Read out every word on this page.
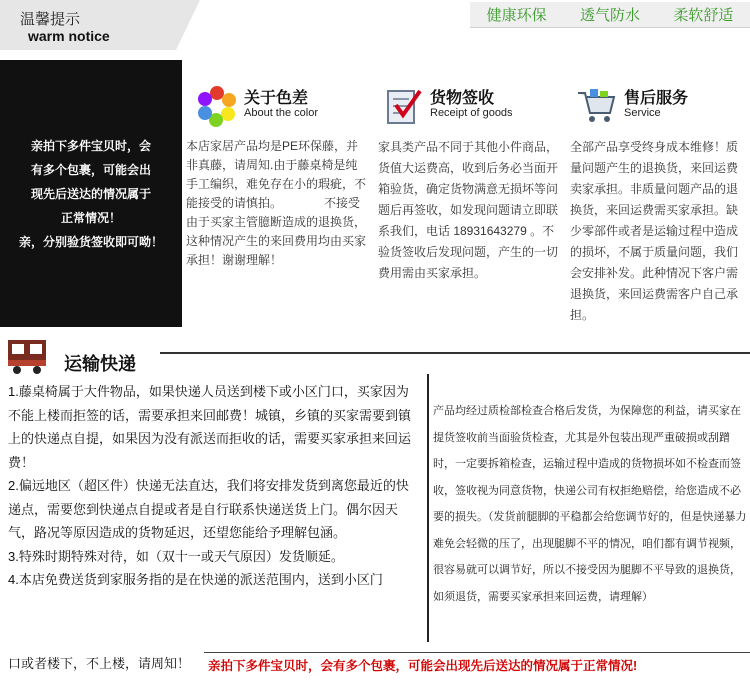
温馨提示
warm notice
健康环保 透气防水 柔软舒适
亲拍下多件宝贝时，会
有多个包裹，可能会出
现先后送达的情况属于
正常情况！
亲，分别验货签收即可呦！
关于色差
About the color
本店家居产品均是PE环保藤，并非真藤，请周知.由于藤桌椅是纯手工编织，难免存在小的瑕疵，不能接受的请慎拍。　　　　不接受由于买家主管臆断造成的退换货，这种情况产生的来回费用均由买家承担！谢谢理解！
货物签收
Receipt of goods
家具类产品不同于其他小件商品，货值大运费高，收到后务必当面开箱验货，确定货物满意无损坏等问题后再签收，如发现问题请立即联系我们，电话 18931643279 。不验货签收后发现问题，产生的一切费用需由买家承担。
售后服务
Service
全部产品享受终身成本维修！质量问题产生的退换货，来回运费卖家承担。非质量问题产品的退换货，来回运费需买家承担。缺少零部件或者是运输过程中造成的损坏，不属于质量问题，我们会安排补发。此种情况下客户需退换货，来回运费需客户自己承担。
运输快递

1.藤桌椅属于大件物品，如果快递人员送到楼下或小区门口，买家因为不能上楼而拒签的话，需要承担来回邮费！城镇，乡镇的买家需要到镇上的快递点自提，如果因为没有派送而拒收的话，需要买家承担来回运费！

2.偏远地区（超区件）快递无法直达，我们将安排发货到离您最近的快递点，需要您到快递点自提或者是自行联系快递送货上门。偶尔因天气，路况等原因造成的货物延迟，还望您能给予理解包涵。

3.特殊时期特殊对待，如（双十一或天气原因）发货顺延。

4.本店免费送货到家服务指的是在快递的派送范围内，送到小区门

产品均经过质检部检查合格后发货，为保障您的利益，请买家在提货签收前当面验货检查，尤其是外包装出现严重破损或刮蹭时，一定要拆箱检查，运输过程中造成的货物损坏如不检查而签收，签收视为同意货物，快递公司有权拒绝赔偿，给您造成不必要的损失。（发货前腿脚的平稳都会给您调节好的，但是快递暴力难免会轻微的压了，出现腿脚不平的情况，咱们都有调节视频，很容易就可以调节好，所以不接受因为腿脚不平导致的退换货，如须退货，需要买家承担来回运费，请理解）
口或者楼下，不上楼，请周知！ 亲拍下多件宝贝时，会有多个包裹，可能会出现先后送达的情况属于正常情况!
